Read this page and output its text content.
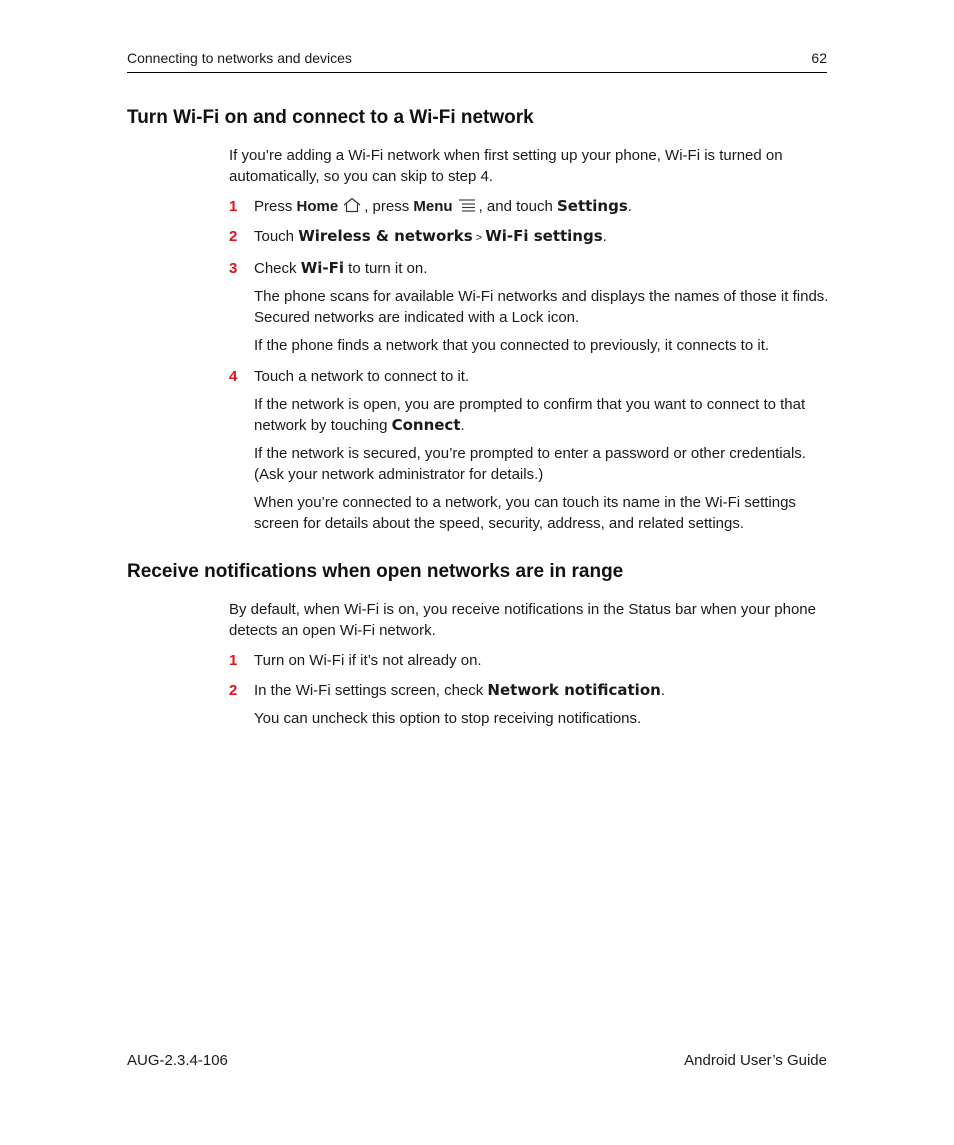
Connecting to networks and devices	62
Turn Wi-Fi on and connect to a Wi-Fi network

If you’re adding a Wi-Fi network when first setting up your phone, Wi-Fi is turned on automatically, so you can skip to step 4.

1 Press Home , press Menu , and touch Settings.

2 Touch Wireless & networks > Wi-Fi settings.

3 Check Wi-Fi to turn it on.

The phone scans for available Wi-Fi networks and displays the names of those it finds. Secured networks are indicated with a Lock icon.

If the phone finds a network that you connected to previously, it connects to it.

4 Touch a network to connect to it.

If the network is open, you are prompted to confirm that you want to connect to that network by touching Connect.

If the network is secured, you’re prompted to enter a password or other credentials. (Ask your network administrator for details.)

When you’re connected to a network, you can touch its name in the Wi-Fi settings screen for details about the speed, security, address, and related settings.

Receive notifications when open networks are in range

By default, when Wi-Fi is on, you receive notifications in the Status bar when your phone detects an open Wi-Fi network.

1 Turn on Wi-Fi if it’s not already on.

2 In the Wi-Fi settings screen, check Network notification.

You can uncheck this option to stop receiving notifications.

AUG-2.3.4-106	Android User’s Guide
